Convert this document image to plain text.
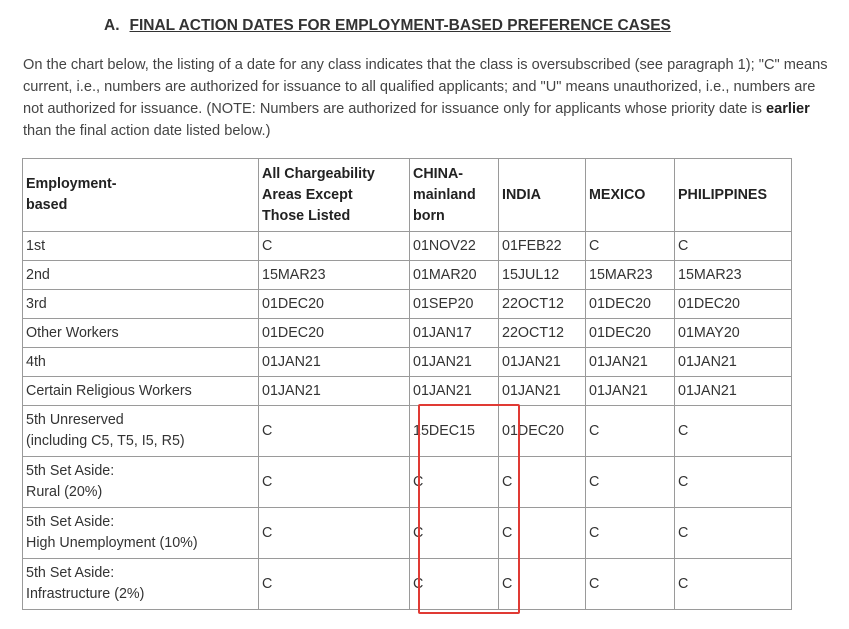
A. FINAL ACTION DATES FOR EMPLOYMENT-BASED PREFERENCE CASES

On the chart below, the listing of a date for any class indicates that the class is oversubscribed (see paragraph 1); "C" means current, i.e., numbers are authorized for issuance to all qualified applicants; and "U" means unauthorized, i.e., numbers are not authorized for issuance. (NOTE: Numbers are authorized for issuance only for applicants whose priority date is earlier than the final action date listed below.)

Employment-
based	All Chargeability
Areas Except
Those Listed	CHINA-
mainland
born	INDIA	MEXICO	PHILIPPINES
1st	C	01NOV22	01FEB22	C	C
2nd	15MAR23	01MAR20	15JUL12	15MAR23	15MAR23
3rd	01DEC20	01SEP20	22OCT12	01DEC20	01DEC20
Other Workers	01DEC20	01JAN17	22OCT12	01DEC20	01MAY20
4th	01JAN21	01JAN21	01JAN21	01JAN21	01JAN21
Certain Religious Workers	01JAN21	01JAN21	01JAN21	01JAN21	01JAN21
5th Unreserved
(including C5, T5, I5, R5)	C	15DEC15	01DEC20	C	C
5th Set Aside:
Rural (20%)	C	C	C	C	C
5th Set Aside:
High Unemployment (10%)	C	C	C	C	C
5th Set Aside:
Infrastructure (2%)	C	C	C	C	C
